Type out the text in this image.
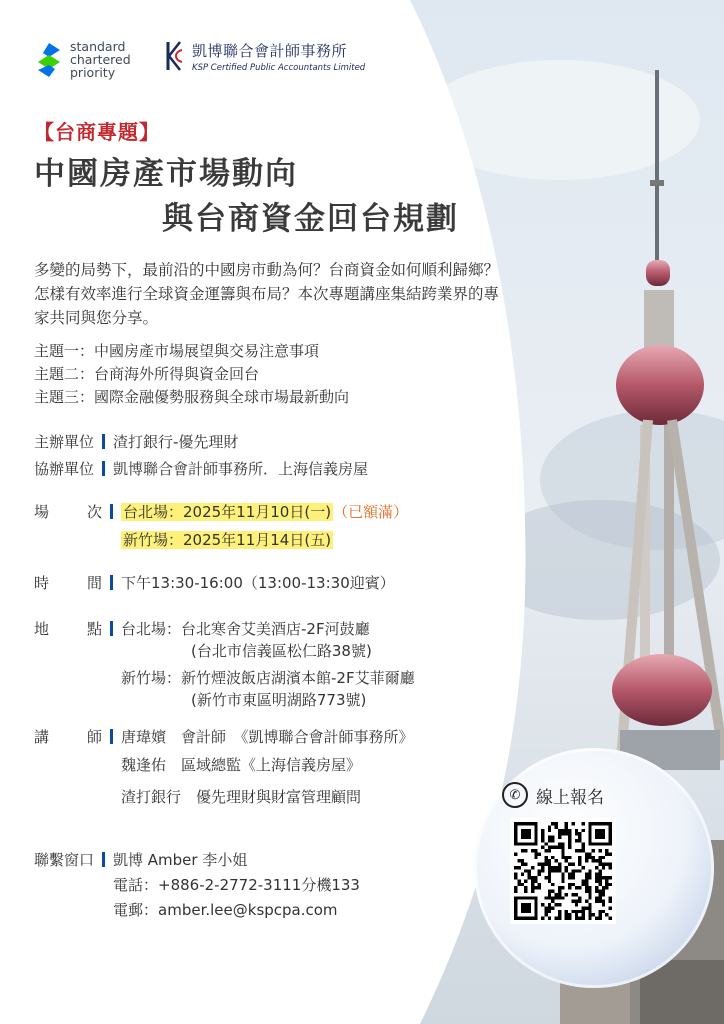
standard
chartered
priority
凱博聯合會計師事務所
KSP Certified Public Accountants Limited
【台商專題】
中國房產市場動向
與台商資金回台規劃
多變的局勢下，最前沿的中國房市動為何？台商資金如何順利歸鄉？怎樣有效率進行全球資金運籌與布局？本次專題講座集結跨業界的專家共同與您分享。
主題一：中國房產市場展望與交易注意事項
主題二：台商海外所得與資金回台
主題三：國際金融優勢服務與全球市場最新動向
主辦單位 渣打銀行-優先理財
協辦單位 凱博聯合會計師事務所．上海信義房屋
場	次 台北場：2025年11月10日(一) （已額滿）
新竹場：2025年11月14日(五)
時	間 下午13:30-16:00（13:00-13:30迎賓）
地	點 台北場：台北寒舍艾美酒店-2F河鼓廳
(台北市信義區松仁路38號)
新竹場：新竹煙波飯店湖濱本館-2F艾菲爾廳
(新竹市東區明湖路773號)
講	師 唐瑋嬪　會計師　《凱博聯合會計師事務所》
魏逢佑　區域總監《上海信義房屋》
渣打銀行　優先理財與財富管理顧問
聯繫窗口 凱博 Amber 李小姐
電話：+886-2-2772-3111分機133
電郵：amber.lee@kspcpa.com
✆ 線上報名
